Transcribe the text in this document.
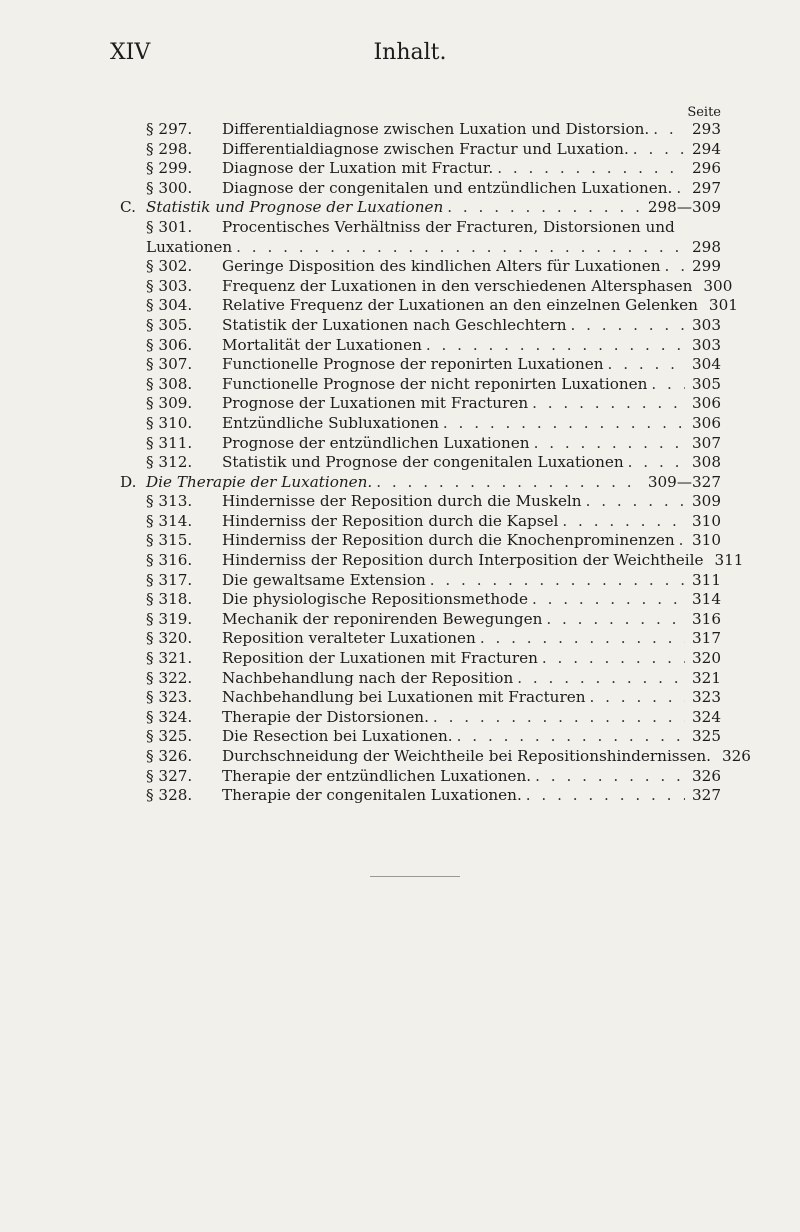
XIV	Inhalt.
Seite
§ 297.	Differentialdiagnose zwischen Luxation und Distorsion. . . .	293
§ 298.	Differentialdiagnose zwischen Fractur und Luxation. . . .	294
§ 299.	Diagnose der Luxation mit Fractur. . . .	296
§ 300.	Diagnose der congenitalen und entzündlichen Luxationen. . . .	297
C. Statistik und Prognose der Luxationen . . .	298—309
§ 301.	Procentisches Verhältniss der Fracturen, Distorsionen und
Luxationen . . .	298
§ 302.	Geringe Disposition des kindlichen Alters für Luxationen . . .	299
§ 303.	Frequenz der Luxationen in den verschiedenen Altersphasen . . . 300
§ 304.	Relative Frequenz der Luxationen an den einzelnen Gelenken . . . 301
§ 305.	Statistik der Luxationen nach Geschlechtern . . .	303
§ 306.	Mortalität der Luxationen . . .	303
§ 307.	Functionelle Prognose der reponirten Luxationen . . .	304
§ 308.	Functionelle Prognose der nicht reponirten Luxationen . . .	305
§ 309.	Prognose der Luxationen mit Fracturen . . .	306
§ 310.	Entzündliche Subluxationen . . .	306
§ 311.	Prognose der entzündlichen Luxationen . . .	307
§ 312.	Statistik und Prognose der congenitalen Luxationen . . .	308
D. Die Therapie der Luxationen. . . .	309—327
§ 313.	Hindernisse der Reposition durch die Muskeln . . .	309
§ 314.	Hinderniss der Reposition durch die Kapsel . . .	310
§ 315.	Hinderniss der Reposition durch die Knochenprominenzen . . .	310
§ 316.	Hinderniss der Reposition durch Interposition der Weichtheile . . . 311
§ 317.	Die gewaltsame Extension . . .	311
§ 318.	Die physiologische Repositionsmethode . . .	314
§ 319.	Mechanik der reponirenden Bewegungen . . .	316
§ 320.	Reposition veralteter Luxationen . . .	317
§ 321.	Reposition der Luxationen mit Fracturen . . .	320
§ 322.	Nachbehandlung nach der Reposition . . .	321
§ 323.	Nachbehandlung bei Luxationen mit Fracturen . . .	323
§ 324.	Therapie der Distorsionen. . . .	324
§ 325.	Die Resection bei Luxationen. . . .	325
§ 326.	Durchschneidung der Weichtheile bei Repositionshindernissen. . . . 326
§ 327.	Therapie der entzündlichen Luxationen. . . .	326
§ 328.	Therapie der congenitalen Luxationen. . . .	327
